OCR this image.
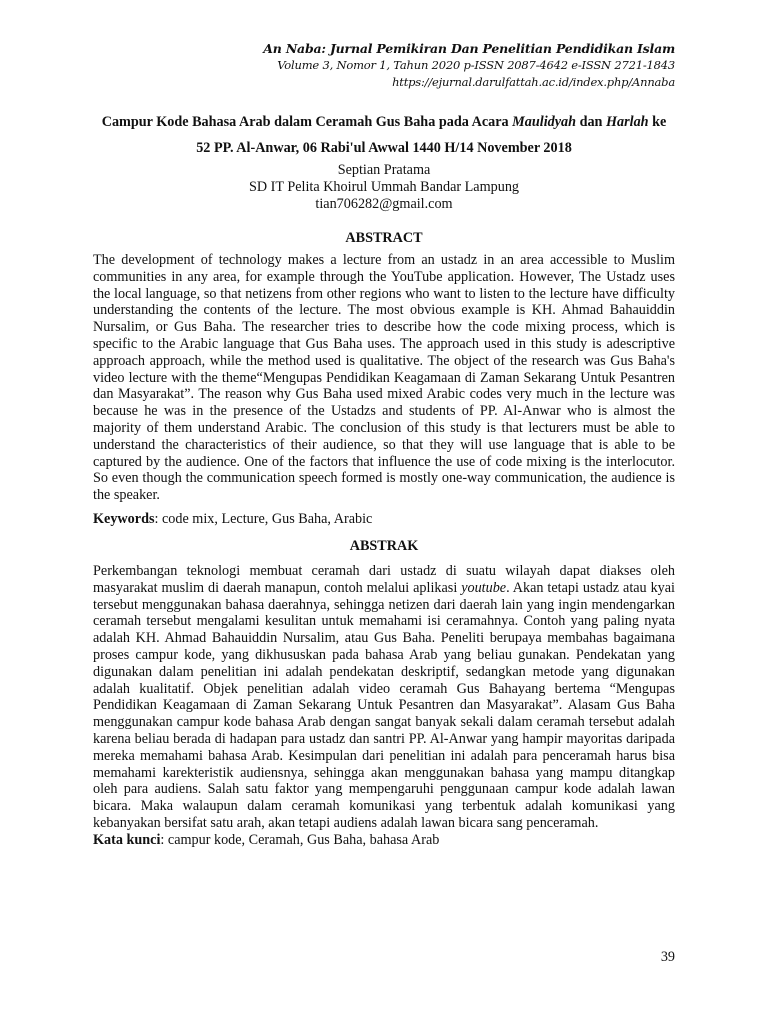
An Naba: Jurnal Pemikiran Dan Penelitian Pendidikan Islam
Volume 3, Nomor 1, Tahun 2020 p-ISSN 2087-4642 e-ISSN 2721-1843
https://ejurnal.darulfattah.ac.id/index.php/Annaba
Campur Kode Bahasa Arab dalam Ceramah Gus Baha pada Acara Maulidyah dan Harlah ke 52 PP. Al-Anwar, 06 Rabi'ul Awwal 1440 H/14 November 2018
Septian Pratama
SD IT Pelita Khoirul Ummah Bandar Lampung
tian706282@gmail.com
ABSTRACT
The development of technology makes a lecture from an ustadz in an area accessible to Muslim communities in any area, for example through the YouTube application. However, The Ustadz uses the local language, so that netizens from other regions who want to listen to the lecture have difficulty understanding the contents of the lecture. The most obvious example is KH. Ahmad Bahauiddin Nursalim, or Gus Baha. The researcher tries to describe how the code mixing process, which is specific to the Arabic language that Gus Baha uses. The approach used in this study is adescriptive approach approach, while the method used is qualitative. The object of the research was Gus Baha's video lecture with the theme“Mengupas Pendidikan Keagamaan di Zaman Sekarang Untuk Pesantren dan Masyarakat”. The reason why Gus Baha used mixed Arabic codes very much in the lecture was because he was in the presence of the Ustadzs and students of PP. Al-Anwar who is almost the majority of them understand Arabic. The conclusion of this study is that lecturers must be able to understand the characteristics of their audience, so that they will use language that is able to be captured by the audience. One of the factors that influence the use of code mixing is the interlocutor. So even though the communication speech formed is mostly one-way communication, the audience is the speaker.
Keywords: code mix, Lecture, Gus Baha, Arabic
ABSTRAK
Perkembangan teknologi membuat ceramah dari ustadz di suatu wilayah dapat diakses oleh masyarakat muslim di daerah manapun, contoh melalui aplikasi youtube. Akan tetapi ustadz atau kyai tersebut menggunakan bahasa daerahnya, sehingga netizen dari daerah lain yang ingin mendengarkan ceramah tersebut mengalami kesulitan untuk memahami isi ceramahnya. Contoh yang paling nyata adalah KH. Ahmad Bahauiddin Nursalim, atau Gus Baha. Peneliti berupaya membahas bagaimana proses campur kode, yang dikhususkan pada bahasa Arab yang beliau gunakan. Pendekatan yang digunakan dalam penelitian ini adalah pendekatan deskriptif, sedangkan metode yang digunakan adalah kualitatif. Objek penelitian adalah video ceramah Gus Bahayang bertema “Mengupas Pendidikan Keagamaan di Zaman Sekarang Untuk Pesantren dan Masyarakat”. Alasam Gus Baha menggunakan campur kode bahasa Arab dengan sangat banyak sekali dalam ceramah tersebut adalah karena beliau berada di hadapan para ustadz dan santri PP. Al-Anwar yang hampir mayoritas daripada mereka memahami bahasa Arab. Kesimpulan dari penelitian ini adalah para penceramah harus bisa memahami karekteristik audiensnya, sehingga akan menggunakan bahasa yang mampu ditangkap oleh para audiens. Salah satu faktor yang mempengaruhi penggunaan campur kode adalah lawan bicara. Maka walaupun dalam ceramah komunikasi yang terbentuk adalah komunikasi yang kebanyakan bersifat satu arah, akan tetapi audiens adalah lawan bicara sang penceramah.
Kata kunci: campur kode, Ceramah, Gus Baha, bahasa Arab
39
